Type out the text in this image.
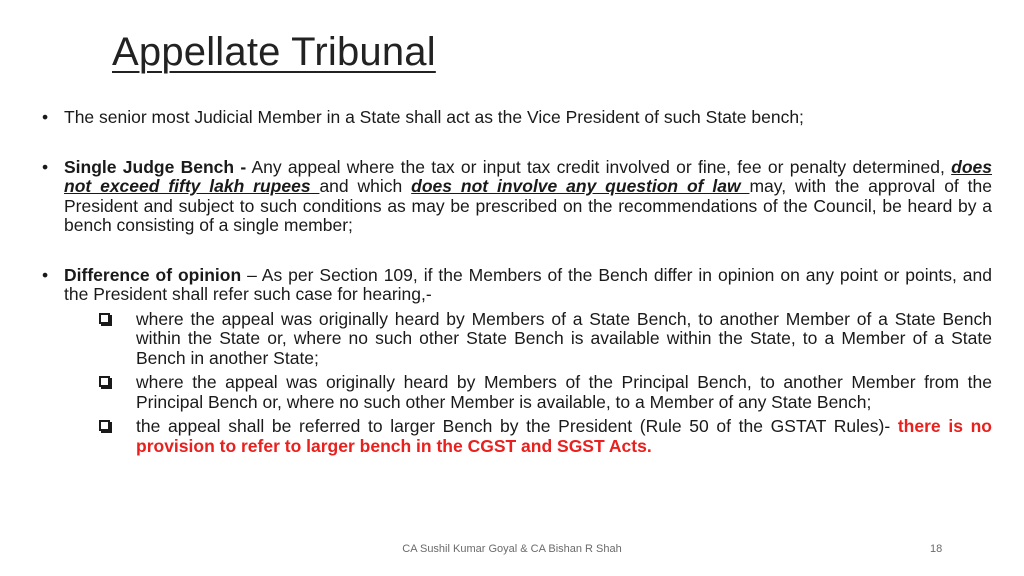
Appellate Tribunal
• The senior most Judicial Member in a State shall act as the Vice President of such State bench;
• Single Judge Bench - Any appeal where the tax or input tax credit involved or fine, fee or penalty determined, does not exceed fifty lakh rupees and which does not involve any question of law may, with the approval of the President and subject to such conditions as may be prescribed on the recommendations of the Council, be heard by a bench consisting of a single member;
• Difference of opinion – As per Section 109, if the Members of the Bench differ in opinion on any point or points, and the President shall refer such case for hearing,-
where the appeal was originally heard by Members of a State Bench, to another Member of a State Bench within the State or, where no such other State Bench is available within the State, to a Member of a State Bench in another State;
where the appeal was originally heard by Members of the Principal Bench, to another Member from the Principal Bench or, where no such other Member is available, to a Member of any State Bench;
the appeal shall be referred to larger Bench by the President (Rule 50 of the GSTAT Rules)- there is no provision to refer to larger bench in the CGST and SGST Acts.
CA Sushil Kumar Goyal & CA Bishan R Shah	18
